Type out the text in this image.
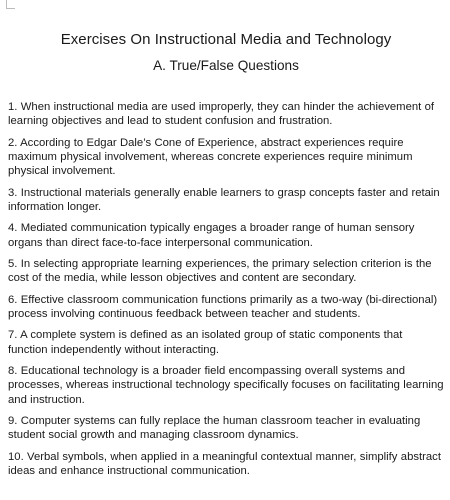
Exercises On Instructional Media and Technology
A. True/False Questions
1. When instructional media are used improperly, they can hinder the achievement of learning objectives and lead to student confusion and frustration.
2. According to Edgar Dale’s Cone of Experience, abstract experiences require maximum physical involvement, whereas concrete experiences require minimum physical involvement.
3. Instructional materials generally enable learners to grasp concepts faster and retain information longer.
4. Mediated communication typically engages a broader range of human sensory organs than direct face-to-face interpersonal communication.
5. In selecting appropriate learning experiences, the primary selection criterion is the cost of the media, while lesson objectives and content are secondary.
6. Effective classroom communication functions primarily as a two-way (bi-directional) process involving continuous feedback between teacher and students.
7. A complete system is defined as an isolated group of static components that function independently without interacting.
8. Educational technology is a broader field encompassing overall systems and processes, whereas instructional technology specifically focuses on facilitating learning and instruction.
9. Computer systems can fully replace the human classroom teacher in evaluating student social growth and managing classroom dynamics.
10. Verbal symbols, when applied in a meaningful contextual manner, simplify abstract ideas and enhance instructional communication.
